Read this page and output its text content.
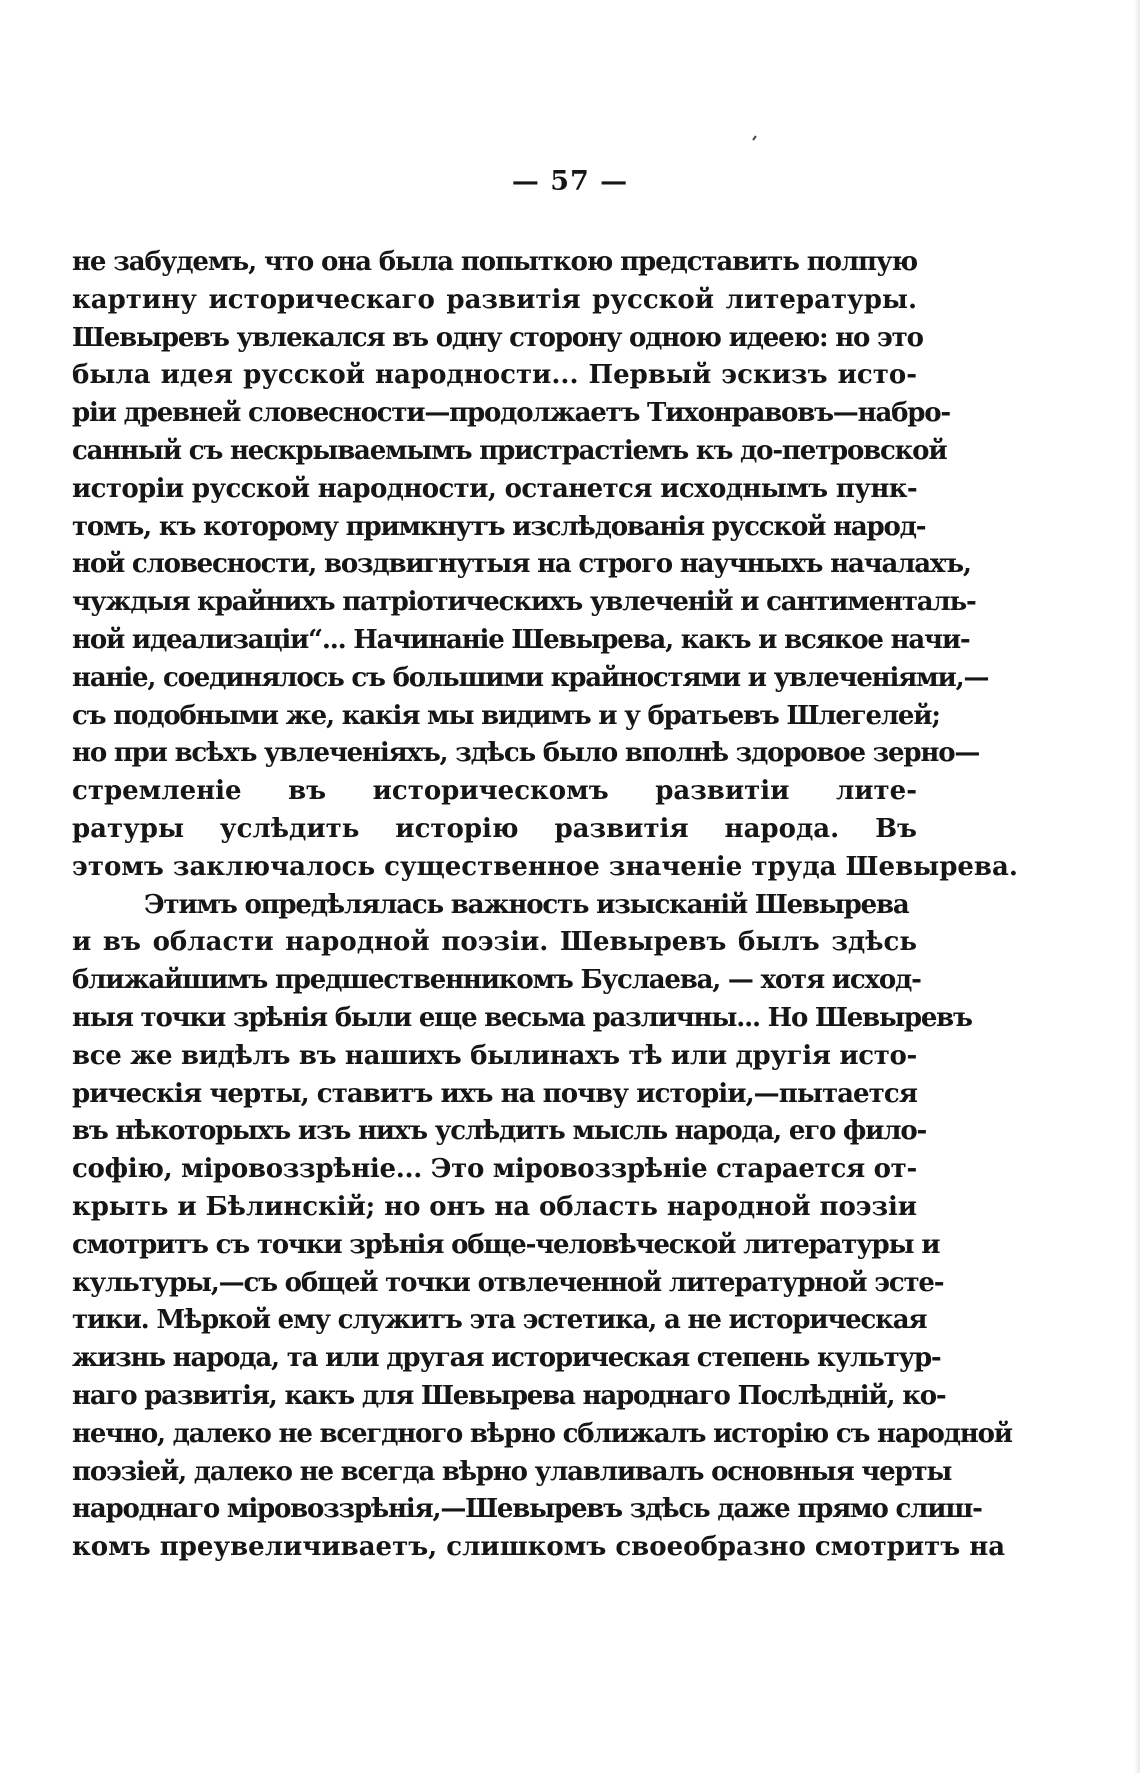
— 57 —
не забудемъ, что она была попыткою представить полпую
картину историческаго развитія русской литературы.
Шевыревъ увлекался въ одну сторону одною идеею: но это
была идея русской народности... Первый эскизъ исто-
ріи древней словесности—продолжаетъ Тихонравовъ—набро-
санный съ нескрываемымъ пристрастіемъ къ до-петровской
исторіи русской народности, останется исходнымъ пунк-
томъ, къ которому примкнутъ изслѣдованія русской народ-
ной словесности, воздвигнутыя на строго научныхъ началахъ,
чуждыя крайнихъ патріотическихъ увлеченій и сантименталь-
ной идеализаціи“... Начинаніе Шевырева, какъ и всякое начи-
наніе, соединялось съ большими крайностями и увлеченіями,—
съ подобными же, какія мы видимъ и у братьевъ Шлегелей;
но при всѣхъ увлеченіяхъ, здѣсь было вполнѣ здоровое зерно—
стремленіе въ историческомъ развитіи лите-
ратуры услѣдить исторію развитія народа. Въ
этомъ заключалось существенное значеніе труда Шевырева.
Этимъ опредѣлялась важность изысканій Шевырева
и въ области народной поэзіи. Шевыревъ былъ здѣсь
ближайшимъ предшественникомъ Буслаева, — хотя исход-
ныя точки зрѣнія были еще весьма различны... Но Шевыревъ
все же видѣлъ въ нашихъ былинахъ тѣ или другія исто-
рическія черты, ставитъ ихъ на почву исторіи,—пытается
въ нѣкоторыхъ изъ нихъ услѣдить мысль народа, его фило-
софію, міровоззрѣніе... Это міровоззрѣніе старается от-
крыть и Бѣлинскій; но онъ на область народной поэзіи
смотритъ съ точки зрѣнія обще-человѣческой литературы и
культуры,—съ общей точки отвлеченной литературной эсте-
тики. Мѣркой ему служитъ эта эстетика, а не историческая
жизнь народа, та или другая историческая степень культур-
наго развитія, какъ для Шевырева народнаго Послѣдній, ко-
нечно, далеко не всегдного вѣрно сближалъ исторію съ народной
поэзіей, далеко не всегда вѣрно улавливалъ основныя черты
народнаго міровоззрѣнія,—Шевыревъ здѣсь даже прямо слиш-
комъ преувеличиваетъ, слишкомъ своеобразно смотритъ на
